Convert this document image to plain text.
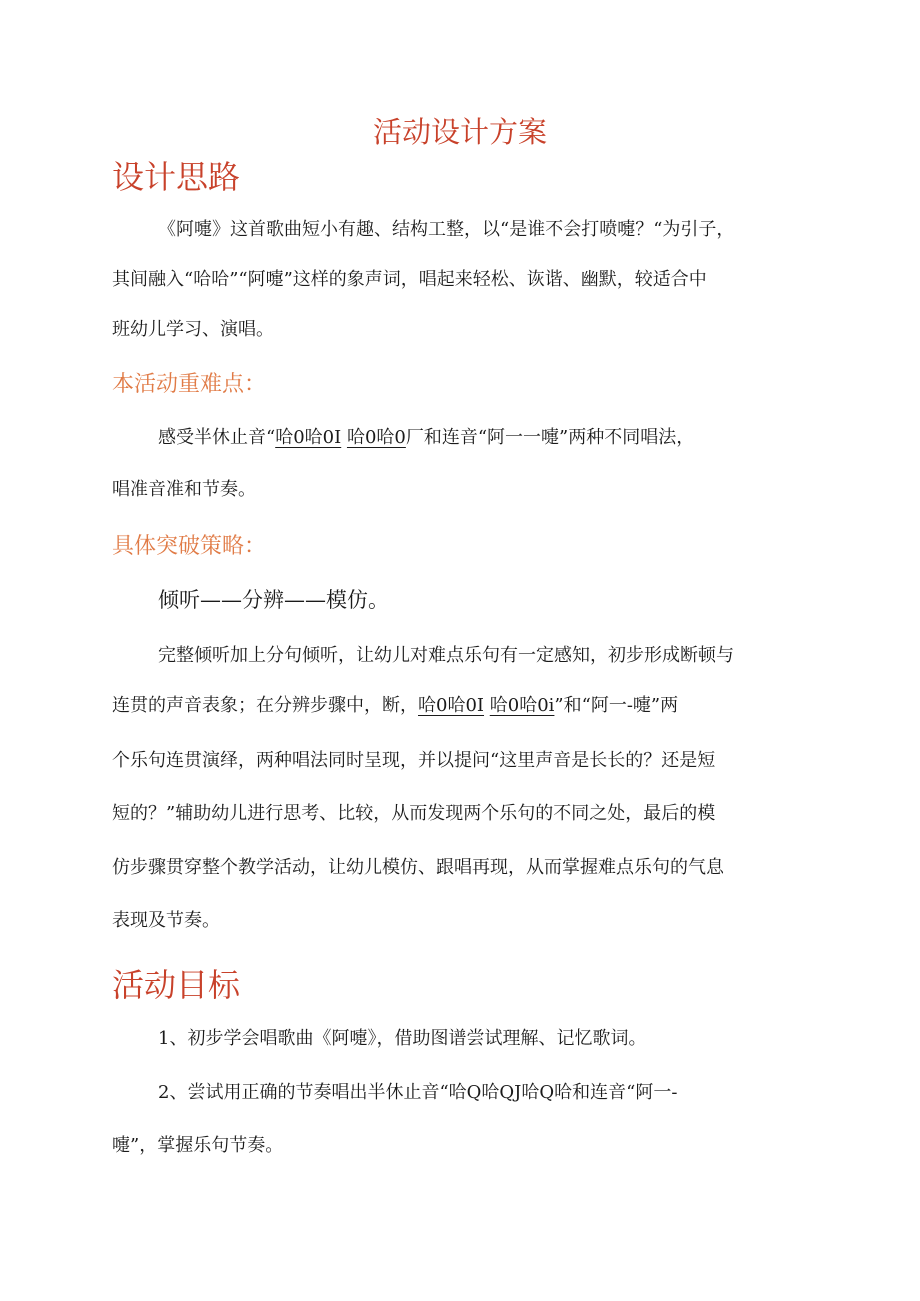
活动设计方案
设计思路
《阿嚏》这首歌曲短小有趣、结构工整，以“是谁不会打喷嚏？“为引子，
其间融入“哈哈”“阿嚏”这样的象声词，唱起来轻松、诙谐、幽默，较适合中
班幼儿学习、演唱。
本活动重难点：
感受半休止音“哈0哈0I 哈0哈0厂和连音“阿一一嚏”两种不同唱法，
唱准音准和节奏。
具体突破策略：
倾听——分辨——模仿。
完整倾听加上分句倾听，让幼儿对难点乐句有一定感知，初步形成断顿与
连贯的声音表象；在分辨步骤中，断，哈0哈0I 哈0哈0i”和“阿一-嚏”两
个乐句连贯演绎，两种唱法同时呈现，并以提问“这里声音是长长的？还是短
短的？”辅助幼儿进行思考、比较，从而发现两个乐句的不同之处，最后的模
仿步骤贯穿整个教学活动，让幼儿模仿、跟唱再现，从而掌握难点乐句的气息
表现及节奏。
活动目标
1、初步学会唱歌曲《阿嚏》，借助图谱尝试理解、记忆歌词。
2、尝试用正确的节奏唱出半休止音“哈Q哈QJ哈Q哈和连音“阿一-
嚏”，掌握乐句节奏。
